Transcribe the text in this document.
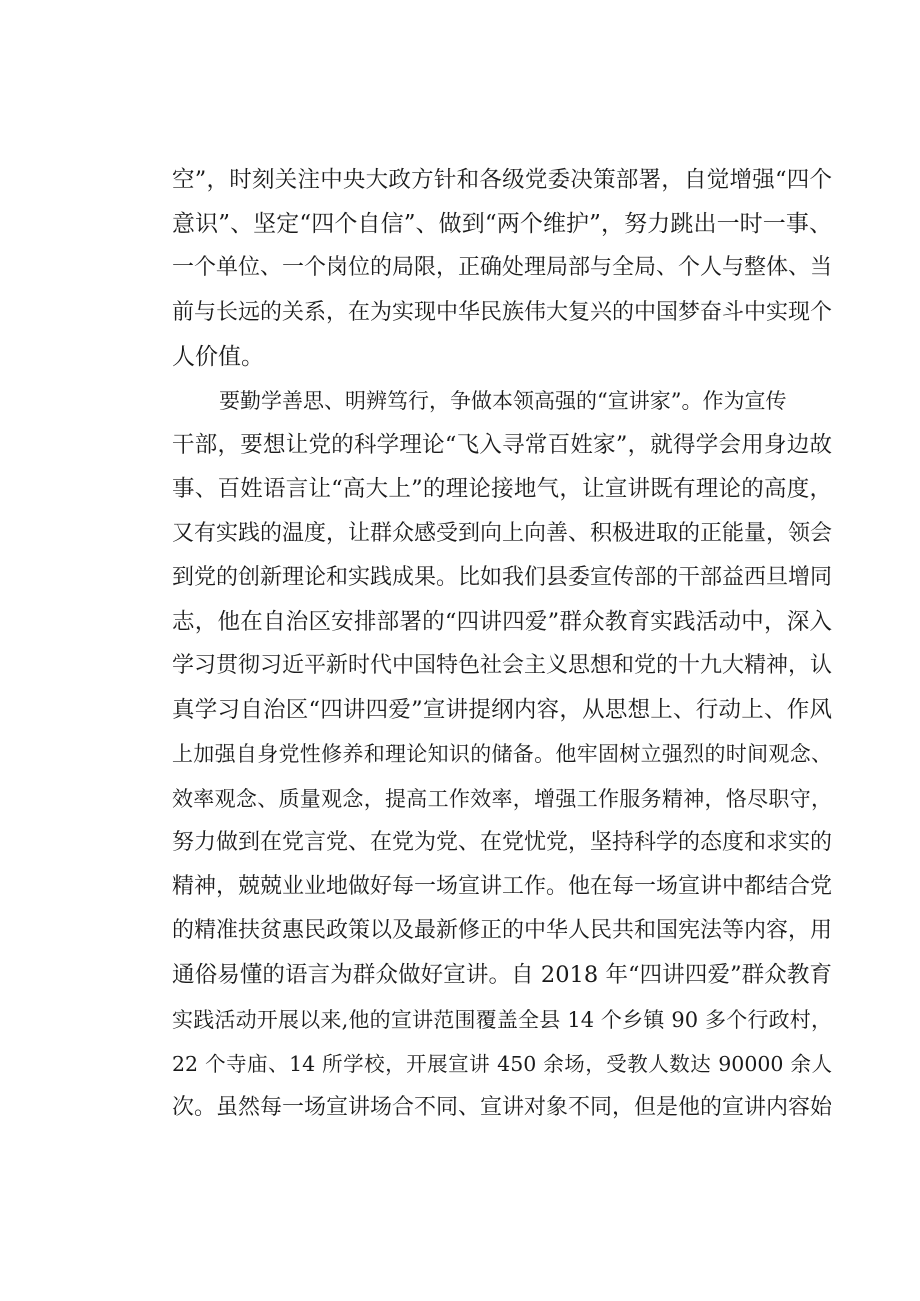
空”，时刻关注中央大政方针和各级党委决策部署，自觉增强“四个
意识”、坚定“四个自信”、做到“两个维护”，努力跳出一时一事、
一个单位、一个岗位的局限，正确处理局部与全局、个人与整体、当
前与长远的关系，在为实现中华民族伟大复兴的中国梦奋斗中实现个
人价值。
要勤学善思、明辨笃行，争做本领高强的“宣讲家”。作为宣传
干部，要想让党的科学理论“飞入寻常百姓家”，就得学会用身边故
事、百姓语言让“高大上”的理论接地气，让宣讲既有理论的高度，
又有实践的温度，让群众感受到向上向善、积极进取的正能量，领会
到党的创新理论和实践成果。比如我们县委宣传部的干部益西旦增同
志，他在自治区安排部署的“四讲四爱”群众教育实践活动中，深入
学习贯彻习近平新时代中国特色社会主义思想和党的十九大精神，认
真学习自治区“四讲四爱”宣讲提纲内容，从思想上、行动上、作风
上加强自身党性修养和理论知识的储备。他牢固树立强烈的时间观念、
效率观念、质量观念，提高工作效率，增强工作服务精神，恪尽职守，
努力做到在党言党、在党为党、在党忧党，坚持科学的态度和求实的
精神，兢兢业业地做好每一场宣讲工作。他在每一场宣讲中都结合党
的精准扶贫惠民政策以及最新修正的中华人民共和国宪法等内容，用
通俗易懂的语言为群众做好宣讲。自 2018 年“四讲四爱”群众教育
实践活动开展以来,他的宣讲范围覆盖全县 14 个乡镇 90 多个行政村，
22 个寺庙、14 所学校，开展宣讲 450 余场，受教人数达 90000 余人
次。虽然每一场宣讲场合不同、宣讲对象不同，但是他的宣讲内容始
